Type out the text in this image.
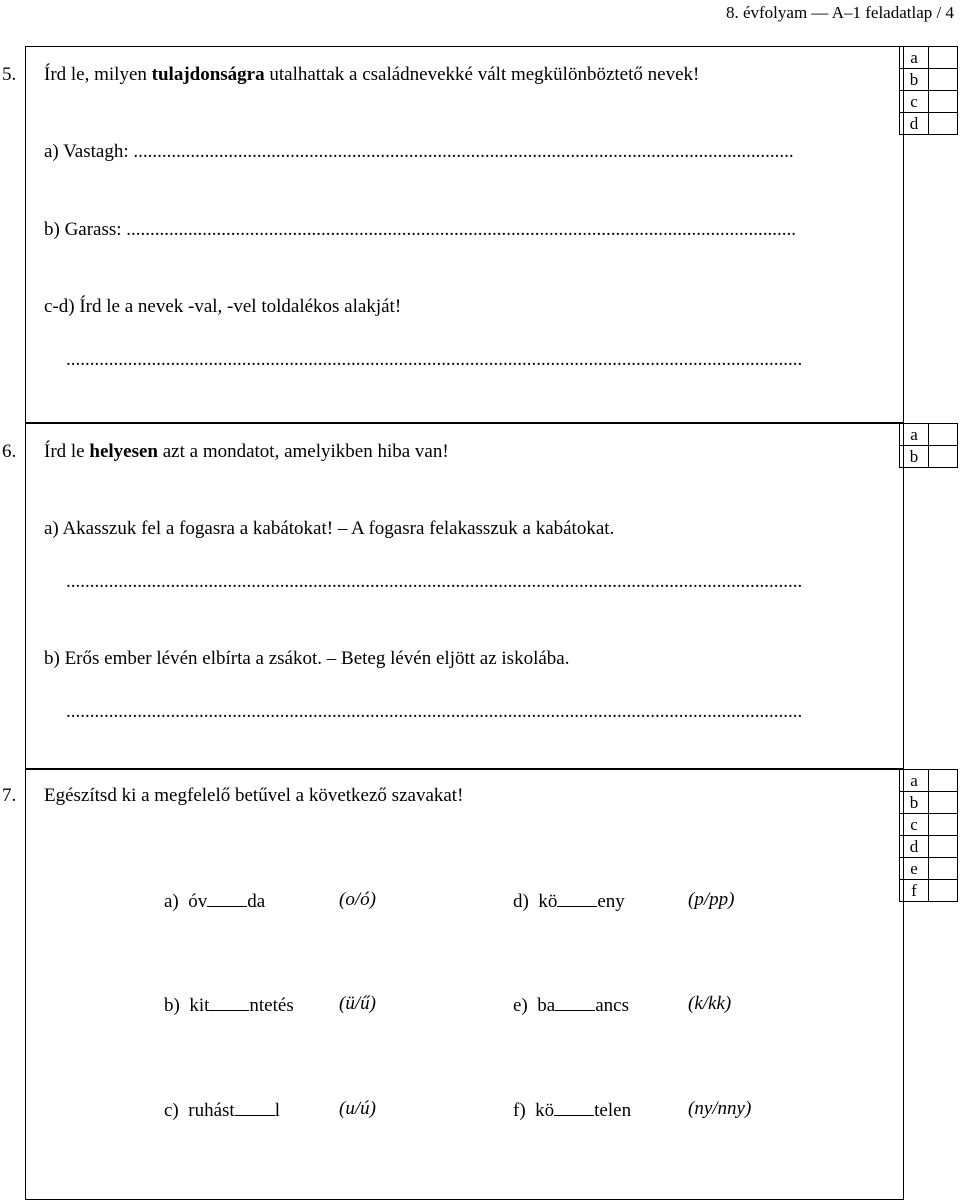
8. évfolyam — A–1 feladatlap / 4
5. Írd le, milyen tulajdonságra utalhattak a családnevekké vált megkülönböztető nevek!
a) Vastagh: ...........................................................................................................................................
b) Garass: .............................................................................................................................................
c-d) Írd le a nevek -val, -vel toldalékos alakját!
...........................................................................................................................................................
a	
b	
c	
d	
6. Írd le helyesen azt a mondatot, amelyikben hiba van!
a) Akasszuk fel a fogasra a kabátokat! – A fogasra felakasszuk a kabátokat.
...........................................................................................................................................................
b) Erős ember lévén elbírta a zsákot. – Beteg lévén eljött az iskolába.
...........................................................................................................................................................
a	
b	
7. Egészítsd ki a megfelelő betűvel a következő szavakat!
a	
b	
c	
d	
e	
f	
a) óv da	(o/ó)	d) kö eny	(p/pp)
b) kit ntetés (ü/ű)	e) ba ancs	(k/kk)
c) ruhást l	(u/ú)	f) kö telen	(ny/nny)
